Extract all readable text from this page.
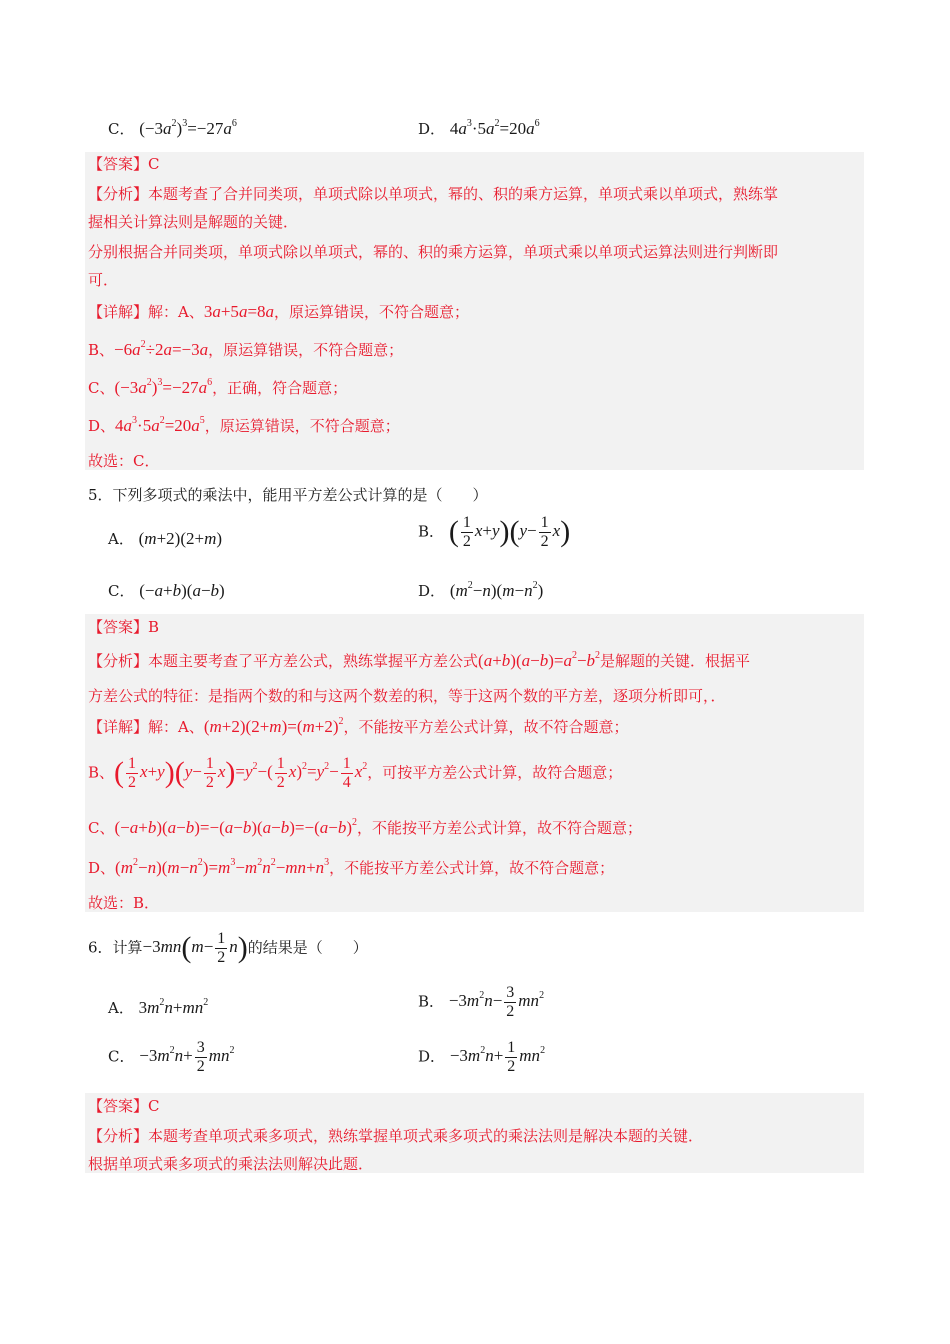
C． $(-3a^2)^3=-27a^6$	D． $4a^3\cdot 5a^2=20a^6$
【答案】C
【分析】本题考查了合并同类项，单项式除以单项式，幂的、积的乘方运算，单项式乘以单项式，熟练掌
握相关计算法则是解题的关键．
分别根据合并同类项，单项式除以单项式，幂的、积的乘方运算，单项式乘以单项式运算法则进行判断即
可．
【详解】解：A、3a+5a=8a，原运算错误，不符合题意；
B、$-6a^2\div 2a=-3a$，原运算错误，不符合题意；
C、$(-3a^2)^3=-27a^6$，正确，符合题意；
D、$4a^3\cdot 5a^2=20a^5$，原运算错误，不符合题意；
故选：C．
5．下列多项式的乘法中，能用平方差公式计算的是（　　）
A． (m+2)(2+m)	B． ( $\frac{1}{2} x+y)(y- \frac{1}{2} x)$
C． (−a+b)(a−b)	D． $(m^2-n)(m-n^2)$
【答案】B
【分析】本题主要考查了平方差公式，熟练掌握平方差公式$(a+b)(a-b)=a^2-b^2$是解题的关键．根据平
方差公式的特征：是指两个数的和与这两个数差的积，等于这两个数的平方差，逐项分析即可，．
【详解】解：A、$(m+2)(2+m)=(m+2)^2$，不能按平方差公式计算，故不符合题意；
B、( $\frac{1}{2} x+y)(y- \frac{1}{2} x)=y^2-( \frac{1}{2} x)^2=y^2- \frac{1}{4} x^2$，可按平方差公式计算，故符合题意；
C、$(-a+b)(a-b)=-(a-b)(a-b)=-(a-b)^2$，不能按平方差公式计算，故不符合题意；
D、$(m^2-n)(m-n^2)=m^3-m^2n^2-mn+n^3$，不能按平方差公式计算，故不符合题意；
故选：B．
6．计算$-3mn(m- \frac{1}{2} n)$的结果是（　　）
A． $3m^2n+mn^2$	B． $-3m^2n- \frac{3}{2} mn^2$
C． $-3m^2n+ \frac{3}{2} mn^2$	D． $-3m^2n+ \frac{1}{2} mn^2$
【答案】C
【分析】本题考查单项式乘多项式，熟练掌握单项式乘多项式的乘法法则是解决本题的关键．
根据单项式乘多项式的乘法法则解决此题．
